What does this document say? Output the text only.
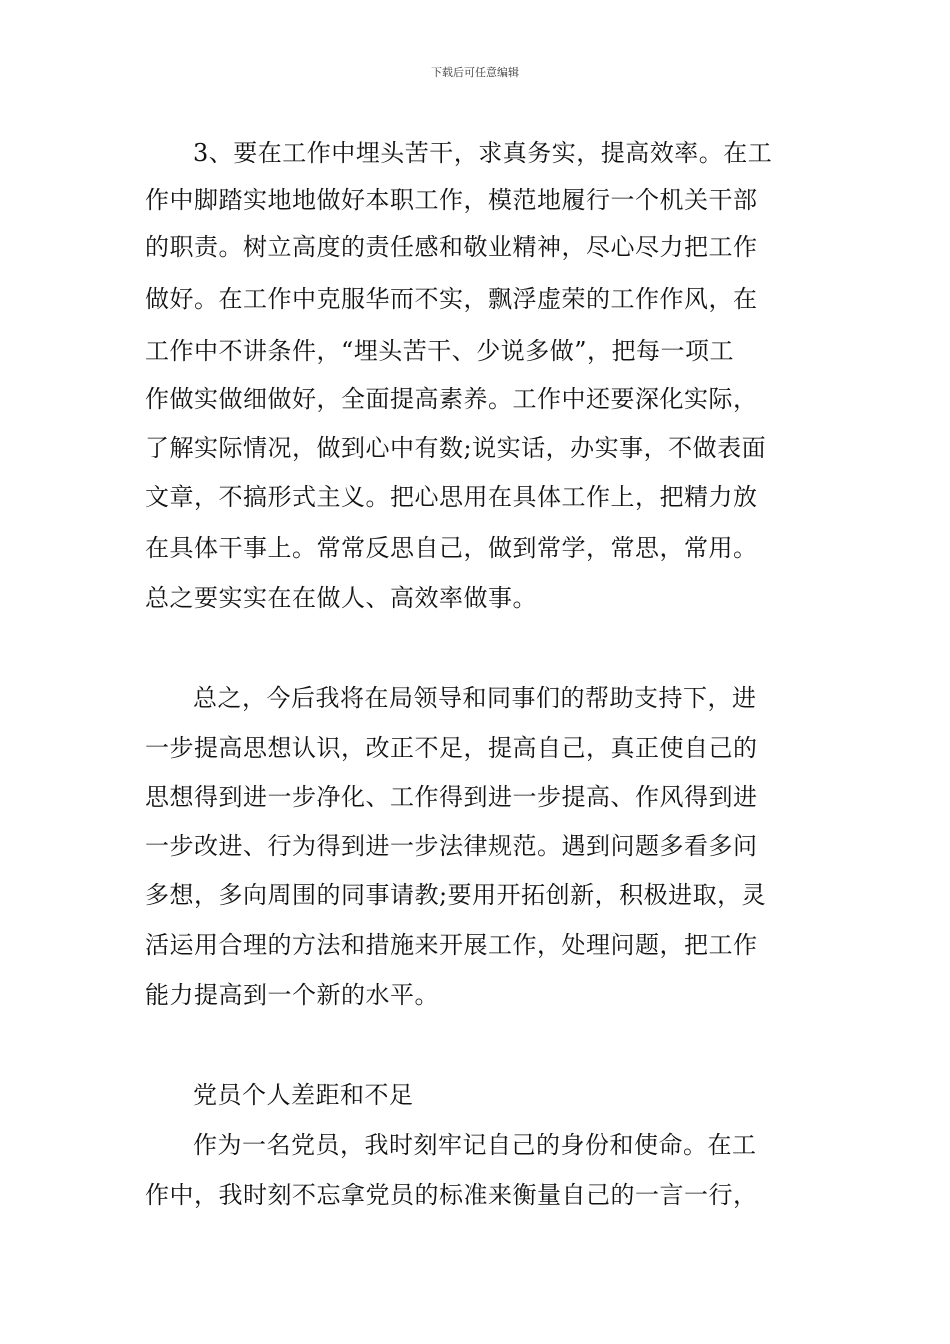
下载后可任意编辑
3、要在工作中埋头苦干，求真务实，提高效率。在工
作中脚踏实地地做好本职工作，模范地履行一个机关干部
的职责。树立高度的责任感和敬业精神，尽心尽力把工作
做好。在工作中克服华而不实，飘浮虚荣的工作作风，在
工作中不讲条件，“埋头苦干、少说多做”，把每一项工
作做实做细做好，全面提高素养。工作中还要深化实际，
了解实际情况，做到心中有数;说实话，办实事，不做表面
文章，不搞形式主义。把心思用在具体工作上，把精力放
在具体干事上。常常反思自己，做到常学，常思，常用。
总之要实实在在做人、高效率做事。
总之，今后我将在局领导和同事们的帮助支持下，进
一步提高思想认识，改正不足，提高自己，真正使自己的
思想得到进一步净化、工作得到进一步提高、作风得到进
一步改进、行为得到进一步法律规范。遇到问题多看多问
多想，多向周围的同事请教;要用开拓创新，积极进取，灵
活运用合理的方法和措施来开展工作，处理问题，把工作
能力提高到一个新的水平。
党员个人差距和不足
作为一名党员，我时刻牢记自己的身份和使命。在工
作中，我时刻不忘拿党员的标准来衡量自己的一言一行，
